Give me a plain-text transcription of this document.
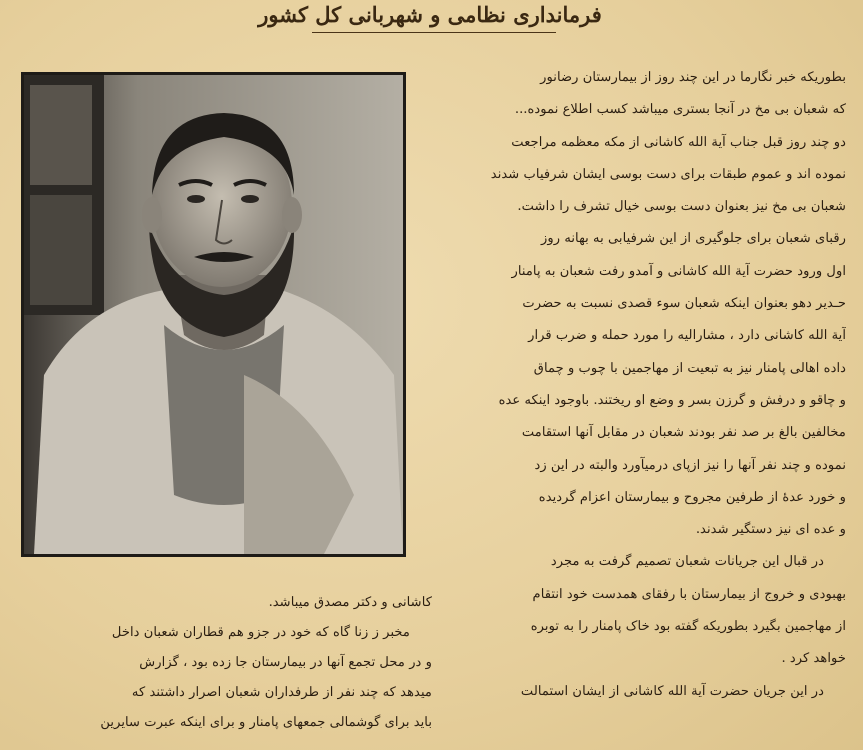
فرمانداری نظامی و شهربانی کل کشور
بطوریکه خبر نگارما در این چند روز از بیمارستان رضانور
که شعبان بی مخ در آنجا بستری میباشد کسب اطلاع نموده...
دو چند روز قبل جناب آیة الله کاشانی از مکه معظمه مراجعت
نموده اند و عموم طبقات برای دست بوسی ایشان شرفیاب شدند
شعبان بی مخ نیز بعنوان دست بوسی خیال تشرف را داشت.
رقبای شعبان برای جلوگیری از این شرفیابی به بهانه روز
اول ورود حضرت آیة الله کاشانی و آمدو رفت شعبان به پامنار
حـدیر دهو بعنوان اینکه شعبان سوء قصدی نسبت به حضرت
آیة الله کاشانی دارد ، مشارالیه را مورد حمله و ضرب قرار
داده اهالی پامنار نیز به تبعیت از مهاجمین با چوب و چماق
و چاقو و درفش و گرزن بسر و وضع او ریختند. باوجود اینکه عده
مخالفین بالغ بر صد نفر بودند شعبان در مقابل آنها استقامت
نموده و چند نفر آنها را نیز ازپای درمیآورد والبته در این زد
و خورد عدۀ از طرفین مجروح و بیمارستان اعزام گردیده
و عده ای نیز دستگیر شدند.
در قبال این جریانات شعبان تصمیم گرفت به مجرد
بهبودی و خروج از بیمارستان با رفقای همدست خود انتقام
از مهاجمین بگیرد بطوریکه گفته بود خاک پامنار را به توبره
خواهد کرد .
در این جریان حضرت آیة الله کاشانی از ایشان استمالت
کاشانی و دکتر مصدق میباشد.
مخبر ز زنا گاه که خود در جزو هم قطاران شعبان داخل
و در محل تجمع آنها در بیمارستان جا زده بود ، گزارش
میدهد که چند نفر از طرفداران شعبان اصرار داشتند که
باید برای گوشمالی جمعهای پامنار و برای اینکه عبرت سایرین
